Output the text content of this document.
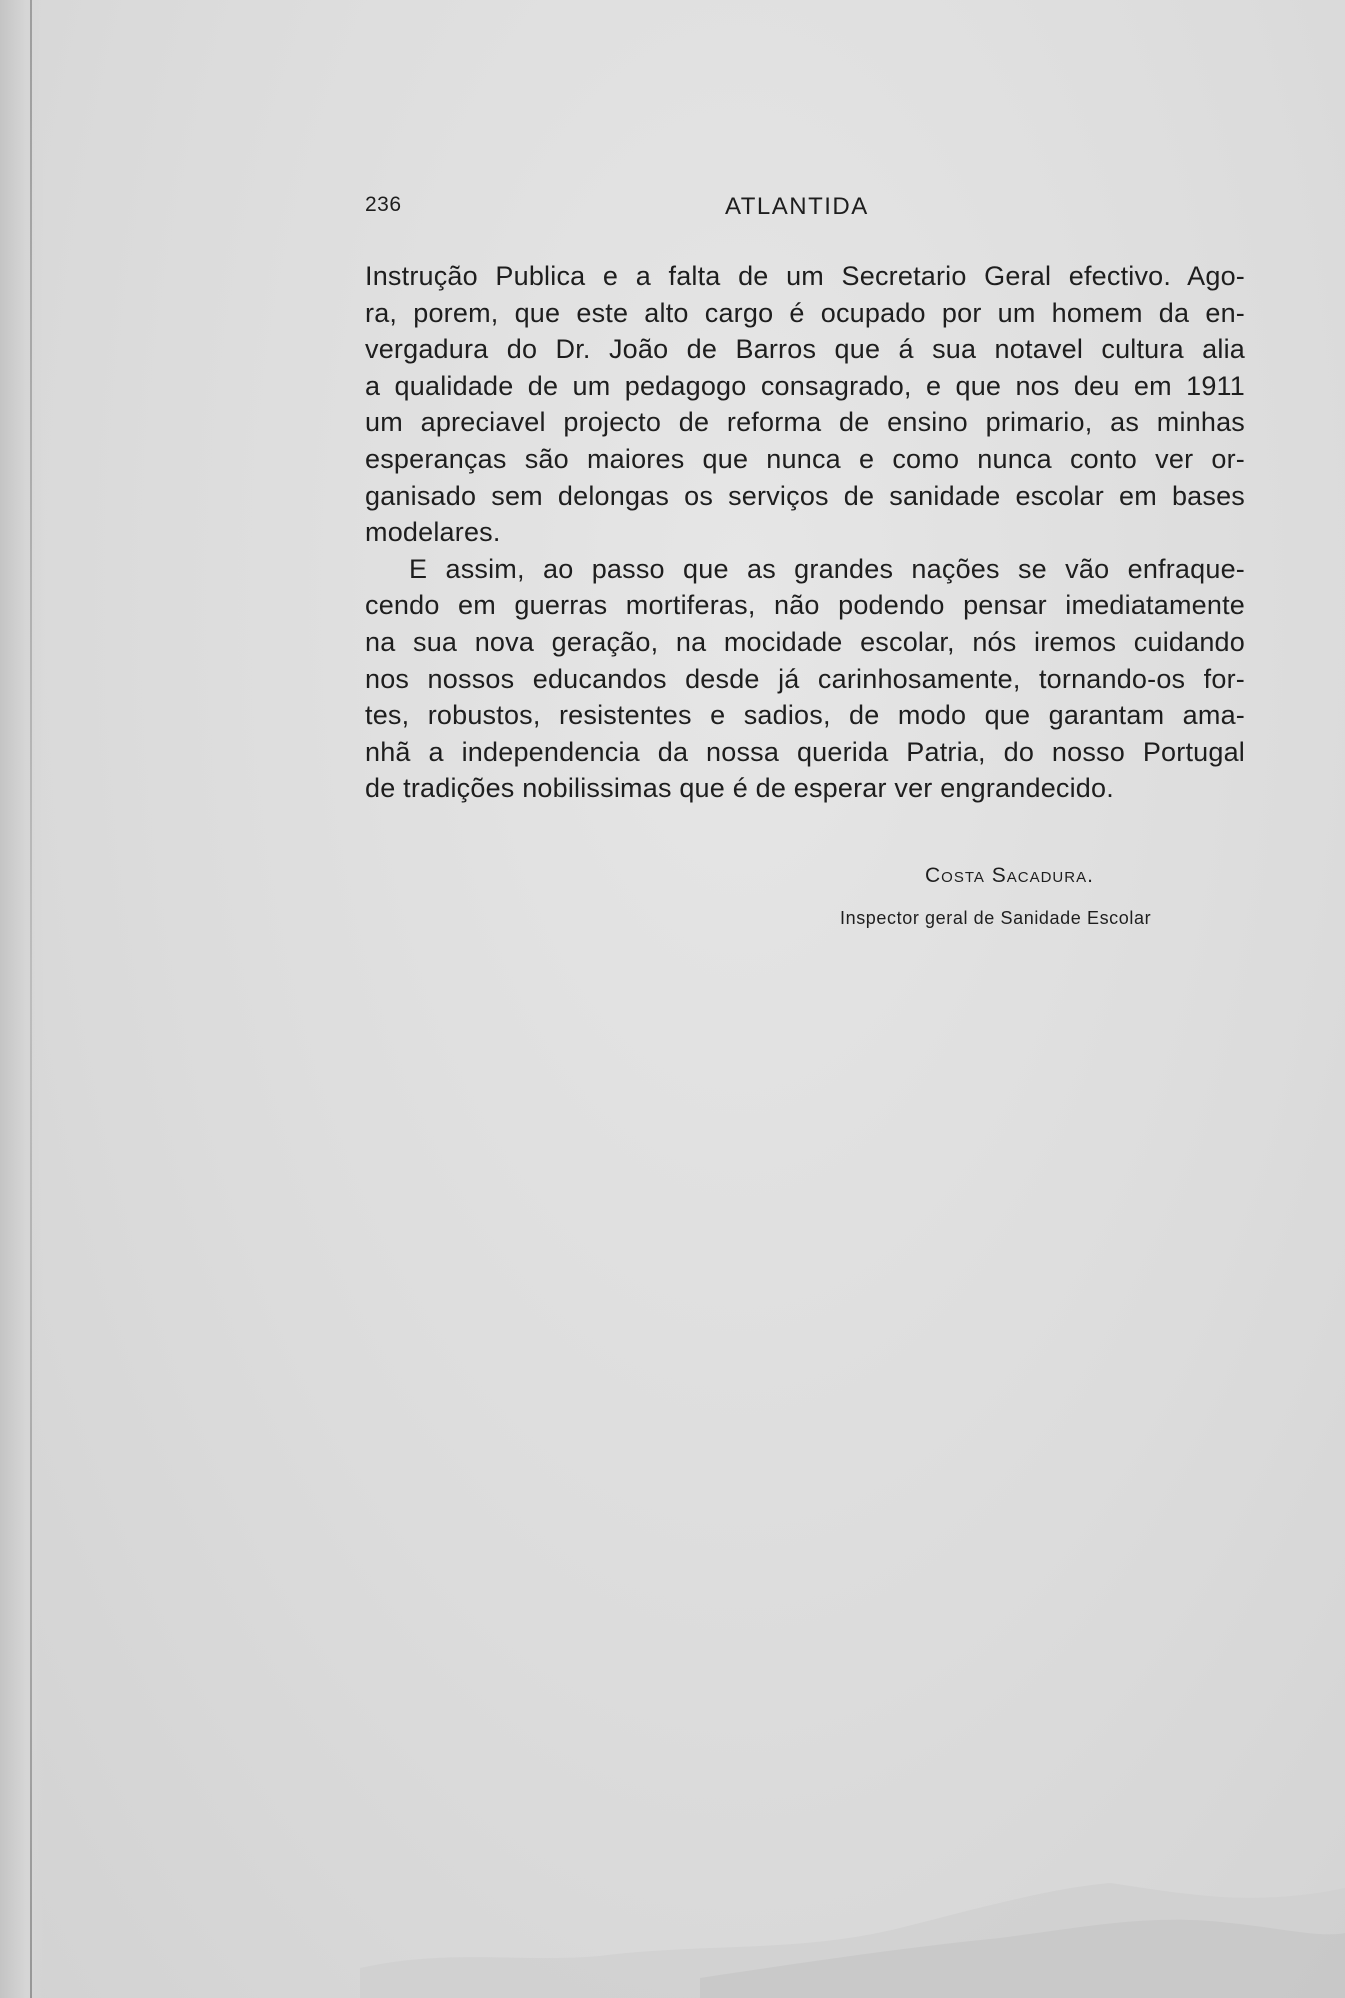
236	ATLANTIDA
Instrução Publica e a falta de um Secretario Geral efectivo. Ago-
ra, porem, que este alto cargo é ocupado por um homem da en-
vergadura do Dr. João de Barros que á sua notavel cultura alia
a qualidade de um pedagogo consagrado, e que nos deu em 1911
um apreciavel projecto de reforma de ensino primario, as minhas
esperanças são maiores que nunca e como nunca conto ver or-
ganisado sem delongas os serviços de sanidade escolar em bases
modelares.
E assim, ao passo que as grandes nações se vão enfraque-
cendo em guerras mortiferas, não podendo pensar imediatamente
na sua nova geração, na mocidade escolar, nós iremos cuidando
nos nossos educandos desde já carinhosamente, tornando-os for-
tes, robustos, resistentes e sadios, de modo que garantam ama-
nhã a independencia da nossa querida Patria, do nosso Portugal
de tradições nobilissimas que é de esperar ver engrandecido.
Costa Sacadura.
Inspector geral de Sanidade Escolar
